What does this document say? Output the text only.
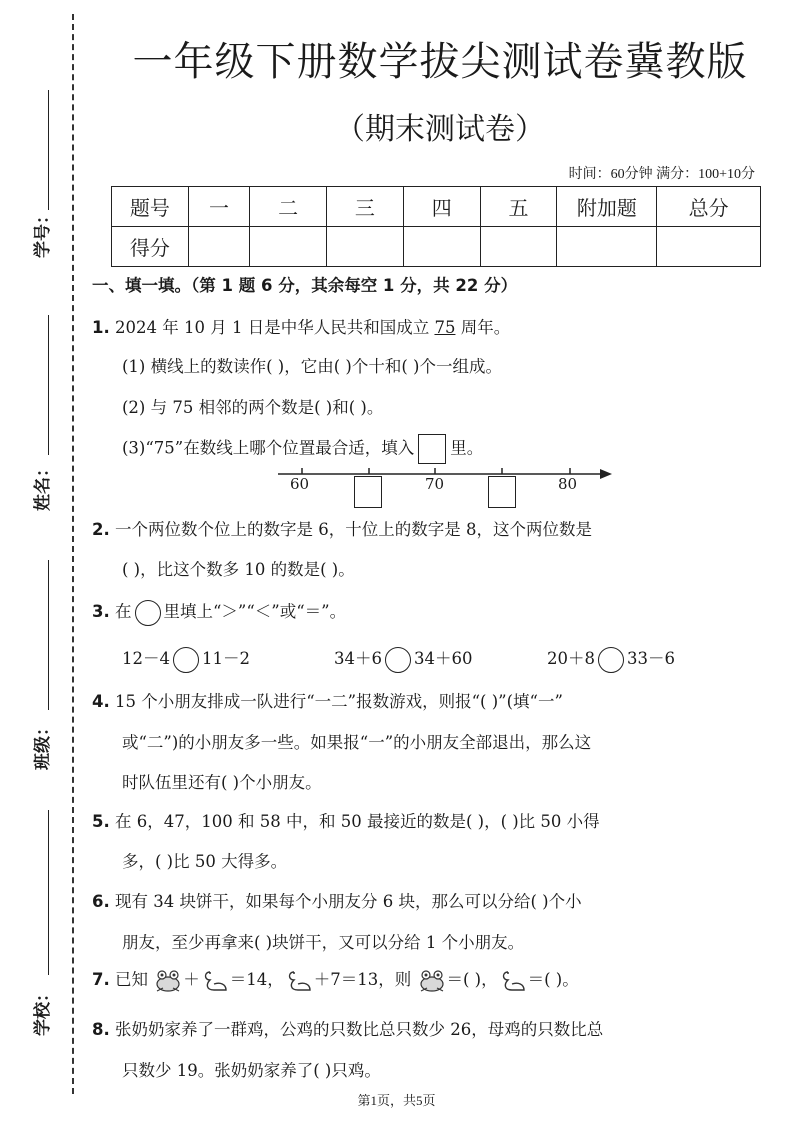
学号：
姓名：
班级：
学校：
一年级下册数学拔尖测试卷冀教版
（期末测试卷）
时间：60分钟 满分：100+10分
题号	一	二	三	四	五	附加题	总分
得分							
一、填一填。（第 1 题 6 分，其余每空 1 分，共 22 分）
1. 2024 年 10 月 1 日是中华人民共和国成立 75 周年。
(1) 横线上的数读作( )，它由( )个十和( )个一组成。
(2) 与 75 相邻的两个数是( )和( )。
(3)“75”在数线上哪个位置最合适，填入 里。
2. 一个两位数个位上的数字是 6，十位上的数字是 8，这个两位数是
( )，比这个数多 10 的数是( )。
3. 在 里填上“＞”“＜”或“＝”。
12－4 11－2	34＋6 34＋60	20＋8 33－6
4. 15 个小朋友排成一队进行“一二”报数游戏，则报“( )”(填“一”
或“二”)的小朋友多一些。如果报“一”的小朋友全部退出，那么这
时队伍里还有( )个小朋友。
5. 在 6，47，100 和 58 中，和 50 最接近的数是( )，( )比 50 小得
多，( )比 50 大得多。
6. 现有 34 块饼干，如果每个小朋友分 6 块，那么可以分给( )个小
朋友，至少再拿来( )块饼干，又可以分给 1 个小朋友。
7. 已知 ＋ ＝14， ＋7＝13，则 ＝( )， ＝( )。
8. 张奶奶家养了一群鸡，公鸡的只数比总只数少 26，母鸡的只数比总
只数少 19。张奶奶家养了( )只鸡。
60	70	80
第1页，共5页
